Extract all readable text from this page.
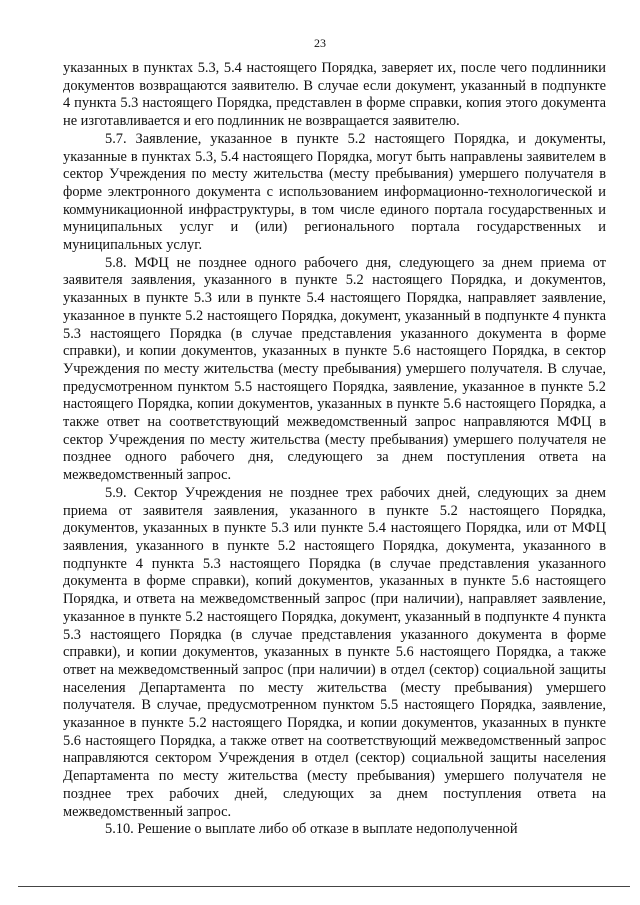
23

указанных в пунктах 5.3, 5.4 настоящего Порядка, заверяет их, после чего подлинники документов возвращаются заявителю. В случае если документ, указанный в подпункте 4 пункта 5.3 настоящего Порядка, представлен в форме справки, копия этого документа не изготавливается и его подлинник не возвращается заявителю.

5.7. Заявление, указанное в пункте 5.2 настоящего Порядка, и документы, указанные в пунктах 5.3, 5.4 настоящего Порядка, могут быть направлены заявителем в сектор Учреждения по месту жительства (месту пребывания) умершего получателя в форме электронного документа с использованием информационно-технологической и коммуникационной инфраструктуры, в том числе единого портала государственных и муниципальных услуг и (или) регионального портала государственных и муниципальных услуг.

5.8. МФЦ не позднее одного рабочего дня, следующего за днем приема от заявителя заявления, указанного в пункте 5.2 настоящего Порядка, и документов, указанных в пункте 5.3 или в пункте 5.4 настоящего Порядка, направляет заявление, указанное в пункте 5.2 настоящего Порядка, документ, указанный в подпункте 4 пункта 5.3 настоящего Порядка (в случае представления указанного документа в форме справки), и копии документов, указанных в пункте 5.6 настоящего Порядка, в сектор Учреждения по месту жительства (месту пребывания) умершего получателя. В случае, предусмотренном пунктом 5.5 настоящего Порядка, заявление, указанное в пункте 5.2 настоящего Порядка, копии документов, указанных в пункте 5.6 настоящего Порядка, а также ответ на соответствующий межведомственный запрос направляются МФЦ в сектор Учреждения по месту жительства (месту пребывания) умершего получателя не позднее одного рабочего дня, следующего за днем поступления ответа на межведомственный запрос.

5.9. Сектор Учреждения не позднее трех рабочих дней, следующих за днем приема от заявителя заявления, указанного в пункте 5.2 настоящего Порядка, документов, указанных в пункте 5.3 или пункте 5.4 настоящего Порядка, или от МФЦ заявления, указанного в пункте 5.2 настоящего Порядка, документа, указанного в подпункте 4 пункта 5.3 настоящего Порядка (в случае представления указанного документа в форме справки), копий документов, указанных в пункте 5.6 настоящего Порядка, и ответа на межведомственный запрос (при наличии), направляет заявление, указанное в пункте 5.2 настоящего Порядка, документ, указанный в подпункте 4 пункта 5.3 настоящего Порядка (в случае представления указанного документа в форме справки), и копии документов, указанных в пункте 5.6 настоящего Порядка, а также ответ на межведомственный запрос (при наличии) в отдел (сектор) социальной защиты населения Департамента по месту жительства (месту пребывания) умершего получателя. В случае, предусмотренном пунктом 5.5 настоящего Порядка, заявление, указанное в пункте 5.2 настоящего Порядка, и копии документов, указанных в пункте 5.6 настоящего Порядка, а также ответ на соответствующий межведомственный запрос направляются сектором Учреждения в отдел (сектор) социальной защиты населения Департамента по месту жительства (месту пребывания) умершего получателя не позднее трех рабочих дней, следующих за днем поступления ответа на межведомственный запрос.

5.10. Решение о выплате либо об отказе в выплате недополученной
